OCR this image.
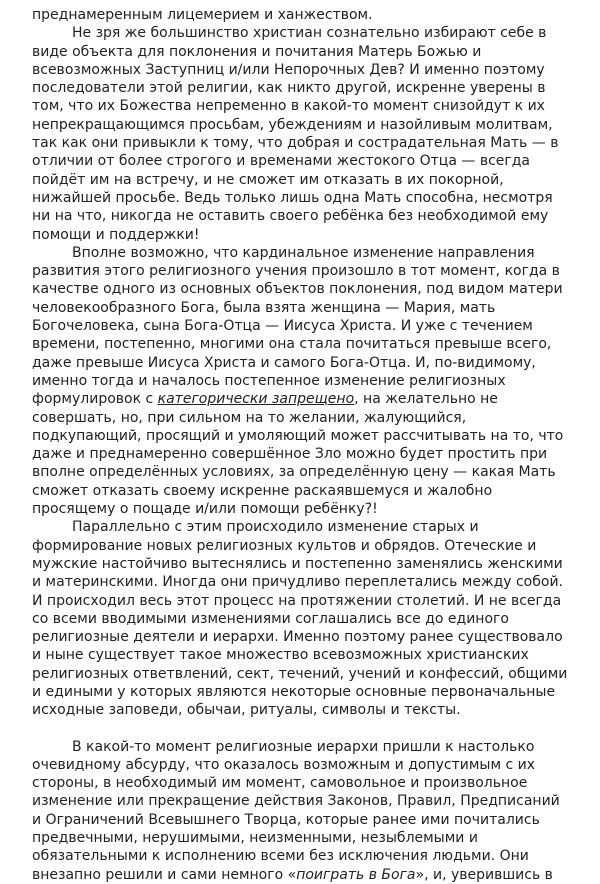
преднамеренным лицемерием и ханжеством.

Не зря же большинство христиан сознательно избирают себе в виде объекта для поклонения и почитания Матерь Божью и всевозможных Заступниц и/или Непорочных Дев? И именно поэтому последователи этой религии, как никто другой, искренне уверены в том, что их Божества непременно в какой-то момент снизойдут к их непрекращающимся просьбам, убеждениям и назойливым молитвам, так как они привыкли к тому, что добрая и сострадательная Мать — в отличии от более строгого и временами жестокого Отца — всегда пойдёт им на встречу, и не сможет им отказать в их покорной, нижайшей просьбе. Ведь только лишь одна Мать способна, несмотря ни на что, никогда не оставить своего ребёнка без необходимой ему помощи и поддержки!

Вполне возможно, что кардинальное изменение направления развития этого религиозного учения произошло в тот момент, когда в качестве одного из основных объектов поклонения, под видом матери человекообразного Бога, была взята женщина — Мария, мать Богочеловека, сына Бога-Отца — Иисуса Христа. И уже с течением времени, постепенно, многими она стала почитаться превыше всего, даже превыше Иисуса Христа и самого Бога-Отца. И, по-видимому, именно тогда и началось постепенное изменение религиозных формулировок с категорически запрещено, на желательно не совершать, но, при сильном на то желании, жалующийся, подкупающий, просящий и умоляющий может рассчитывать на то, что даже и преднамеренно совершённое Зло можно будет простить при вполне определённых условиях, за определённую цену — какая Мать сможет отказать своему искренне раскаявшемуся и жалобно просящему о пощаде и/или помощи ребёнку?!

Параллельно с этим происходило изменение старых и формирование новых религиозных культов и обрядов. Отеческие и мужские настойчиво вытеснялись и постепенно заменялись женскими и материнскими. Иногда они причудливо переплетались между собой. И происходил весь этот процесс на протяжении столетий. И не всегда со всеми вводимыми изменениями соглашались все до единого религиозные деятели и иерархи. Именно поэтому ранее существовало и ныне существует такое множество всевозможных христианских религиозных ответвлений, сект, течений, учений и конфессий, общими и едиными у которых являются некоторые основные первоначальные исходные заповеди, обычаи, ритуалы, символы и тексты.

В какой-то момент религиозные иерархи пришли к настолько очевидному абсурду, что оказалось возможным и допустимым с их стороны, в необходимый им момент, самовольное и произвольное изменение или прекращение действия Законов, Правил, Предписаний и Ограничений Всевышнего Творца, которые ранее ими почитались предвечными, нерушимыми, неизменными, незыблемыми и обязательными к исполнению всеми без исключения людьми. Они внезапно решили и сами немного «поиграть в Бога», и, уверившись в
